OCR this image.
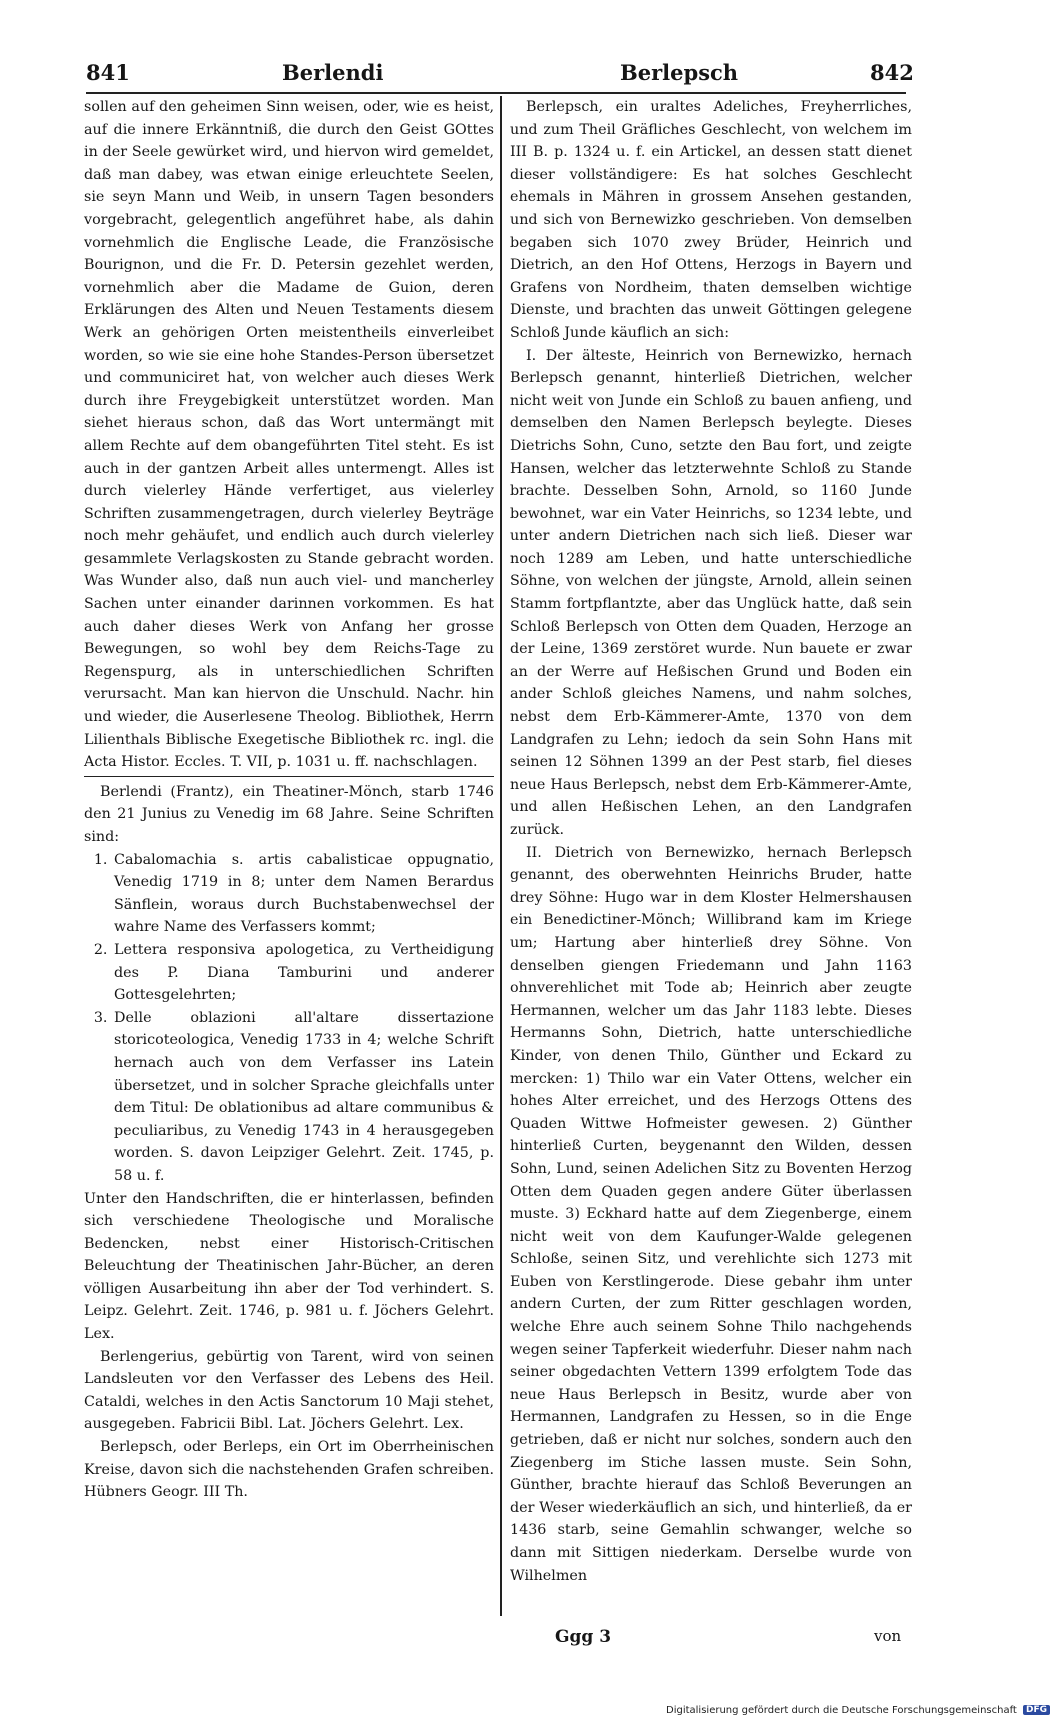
841	Berlendi	Berlepsch	842

sollen auf den geheimen Sinn weisen, oder, wie es heist, auf die innere Erkänntniß, die durch den Geist GOttes in der Seele gewürket wird, und hiervon wird gemeldet, daß man dabey, was etwan einige erleuchtete Seelen, sie seyn Mann und Weib, in unsern Tagen besonders vorgebracht, gelegentlich angeführet habe, als dahin vornehmlich die Englische Leade, die Französische Bourignon, und die Fr. D. Petersin gezehlet werden, vornehmlich aber die Madame de Guion, deren Erklärungen des Alten und Neuen Testaments diesem Werk an gehörigen Orten meistentheils einverleibet worden, so wie sie eine hohe Standes-Person übersetzet und communiciret hat, von welcher auch dieses Werk durch ihre Freygebigkeit unterstützet worden. Man siehet hieraus schon, daß das Wort untermängt mit allem Rechte auf dem obangeführten Titel steht. Es ist auch in der gantzen Arbeit alles untermengt. Alles ist durch vielerley Hände verfertiget, aus vielerley Schriften zusammengetragen, durch vielerley Beyträge noch mehr gehäufet, und endlich auch durch vielerley gesammlete Verlagskosten zu Stande gebracht worden. Was Wunder also, daß nun auch viel- und mancherley Sachen unter einander darinnen vorkommen. Es hat auch daher dieses Werk von Anfang her grosse Bewegungen, so wohl bey dem Reichs-Tage zu Regenspurg, als in unterschiedlichen Schriften verursacht. Man kan hiervon die Unschuld. Nachr. hin und wieder, die Auserlesene Theolog. Bibliothek, Herrn Lilienthals Biblische Exegetische Bibliothek rc. ingl. die Acta Histor. Eccles. T. VII, p. 1031 u. ff. nachschlagen.

Berlendi (Frantz), ein Theatiner-Mönch, starb 1746 den 21 Junius zu Venedig im 68 Jahre. Seine Schriften sind:

1. Cabalomachia s. artis cabalisticae oppugnatio, Venedig 1719 in 8; unter dem Namen Berardus Sänflein, woraus durch Buchstabenwechsel der wahre Name des Verfassers kommt;
2. Lettera responsiva apologetica, zu Vertheidigung des P. Diana Tamburini und anderer Gottesgelehrten;
3. Delle oblazioni all'altare dissertazione storicoteologica, Venedig 1733 in 4; welche Schrift hernach auch von dem Verfasser ins Latein übersetzet, und in solcher Sprache gleichfalls unter dem Titul: De oblationibus ad altare communibus & peculiaribus, zu Venedig 1743 in 4 herausgegeben worden. S. davon Leipziger Gelehrt. Zeit. 1745, p. 58 u. f.

Unter den Handschriften, die er hinterlassen, befinden sich verschiedene Theologische und Moralische Bedencken, nebst einer Historisch-Critischen Beleuchtung der Theatinischen Jahr-Bücher, an deren völligen Ausarbeitung ihn aber der Tod verhindert. S. Leipz. Gelehrt. Zeit. 1746, p. 981 u. f. Jöchers Gelehrt. Lex.

Berlengerius, gebürtig von Tarent, wird von seinen Landsleuten vor den Verfasser des Lebens des Heil. Cataldi, welches in den Actis Sanctorum 10 Maji stehet, ausgegeben. Fabricii Bibl. Lat. Jöchers Gelehrt. Lex.

Berlepsch, oder Berleps, ein Ort im Oberrheinischen Kreise, davon sich die nachstehenden Grafen schreiben. Hübners Geogr. III Th.

Berlepsch, ein uraltes Adeliches, Freyherrliches, und zum Theil Gräfliches Geschlecht, von welchem im III B. p. 1324 u. f. ein Artickel, an dessen statt dienet dieser vollständigere: Es hat solches Geschlecht ehemals in Mähren in grossem Ansehen gestanden, und sich von Bernewizko geschrieben. Von demselben begaben sich 1070 zwey Brüder, Heinrich und Dietrich, an den Hof Ottens, Herzogs in Bayern und Grafens von Nordheim, thaten demselben wichtige Dienste, und brachten das unweit Göttingen gelegene Schloß Junde käuflich an sich:

I. Der älteste, Heinrich von Bernewizko, hernach Berlepsch genannt, hinterließ Dietrichen, welcher nicht weit von Junde ein Schloß zu bauen anfieng, und demselben den Namen Berlepsch beylegte. Dieses Dietrichs Sohn, Cuno, setzte den Bau fort, und zeigte Hansen, welcher das letzterwehnte Schloß zu Stande brachte. Desselben Sohn, Arnold, so 1160 Junde bewohnet, war ein Vater Heinrichs, so 1234 lebte, und unter andern Dietrichen nach sich ließ. Dieser war noch 1289 am Leben, und hatte unterschiedliche Söhne, von welchen der jüngste, Arnold, allein seinen Stamm fortpflantzte, aber das Unglück hatte, daß sein Schloß Berlepsch von Otten dem Quaden, Herzoge an der Leine, 1369 zerstöret wurde. Nun bauete er zwar an der Werre auf Heßischen Grund und Boden ein ander Schloß gleiches Namens, und nahm solches, nebst dem Erb-Kämmerer-Amte, 1370 von dem Landgrafen zu Lehn; iedoch da sein Sohn Hans mit seinen 12 Söhnen 1399 an der Pest starb, fiel dieses neue Haus Berlepsch, nebst dem Erb-Kämmerer-Amte, und allen Heßischen Lehen, an den Landgrafen zurück.

II. Dietrich von Bernewizko, hernach Berlepsch genannt, des oberwehnten Heinrichs Bruder, hatte drey Söhne: Hugo war in dem Kloster Helmershausen ein Benedictiner-Mönch; Willibrand kam im Kriege um; Hartung aber hinterließ drey Söhne. Von denselben giengen Friedemann und Jahn 1163 ohnverehlichet mit Tode ab; Heinrich aber zeugte Hermannen, welcher um das Jahr 1183 lebte. Dieses Hermanns Sohn, Dietrich, hatte unterschiedliche Kinder, von denen Thilo, Günther und Eckard zu mercken: 1) Thilo war ein Vater Ottens, welcher ein hohes Alter erreichet, und des Herzogs Ottens des Quaden Wittwe Hofmeister gewesen. 2) Günther hinterließ Curten, beygenannt den Wilden, dessen Sohn, Lund, seinen Adelichen Sitz zu Boventen Herzog Otten dem Quaden gegen andere Güter überlassen muste. 3) Eckhard hatte auf dem Ziegenberge, einem nicht weit von dem Kaufunger-Walde gelegenen Schloße, seinen Sitz, und verehlichte sich 1273 mit Euben von Kerstlingerode. Diese gebahr ihm unter andern Curten, der zum Ritter geschlagen worden, welche Ehre auch seinem Sohne Thilo nachgehends wegen seiner Tapferkeit wiederfuhr. Dieser nahm nach seiner obgedachten Vettern 1399 erfolgtem Tode das neue Haus Berlepsch in Besitz, wurde aber von Hermannen, Landgrafen zu Hessen, so in die Enge getrieben, daß er nicht nur solches, sondern auch den Ziegenberg im Stiche lassen muste. Sein Sohn, Günther, brachte hierauf das Schloß Beverungen an der Weser wiederkäuflich an sich, und hinterließ, da er 1436 starb, seine Gemahlin schwanger, welche so dann mit Sittigen niederkam. Derselbe wurde von Wilhelmen

Ggg 3	von
Digitalisierung gefördert durch die Deutsche Forschungsgemeinschaft DFG
